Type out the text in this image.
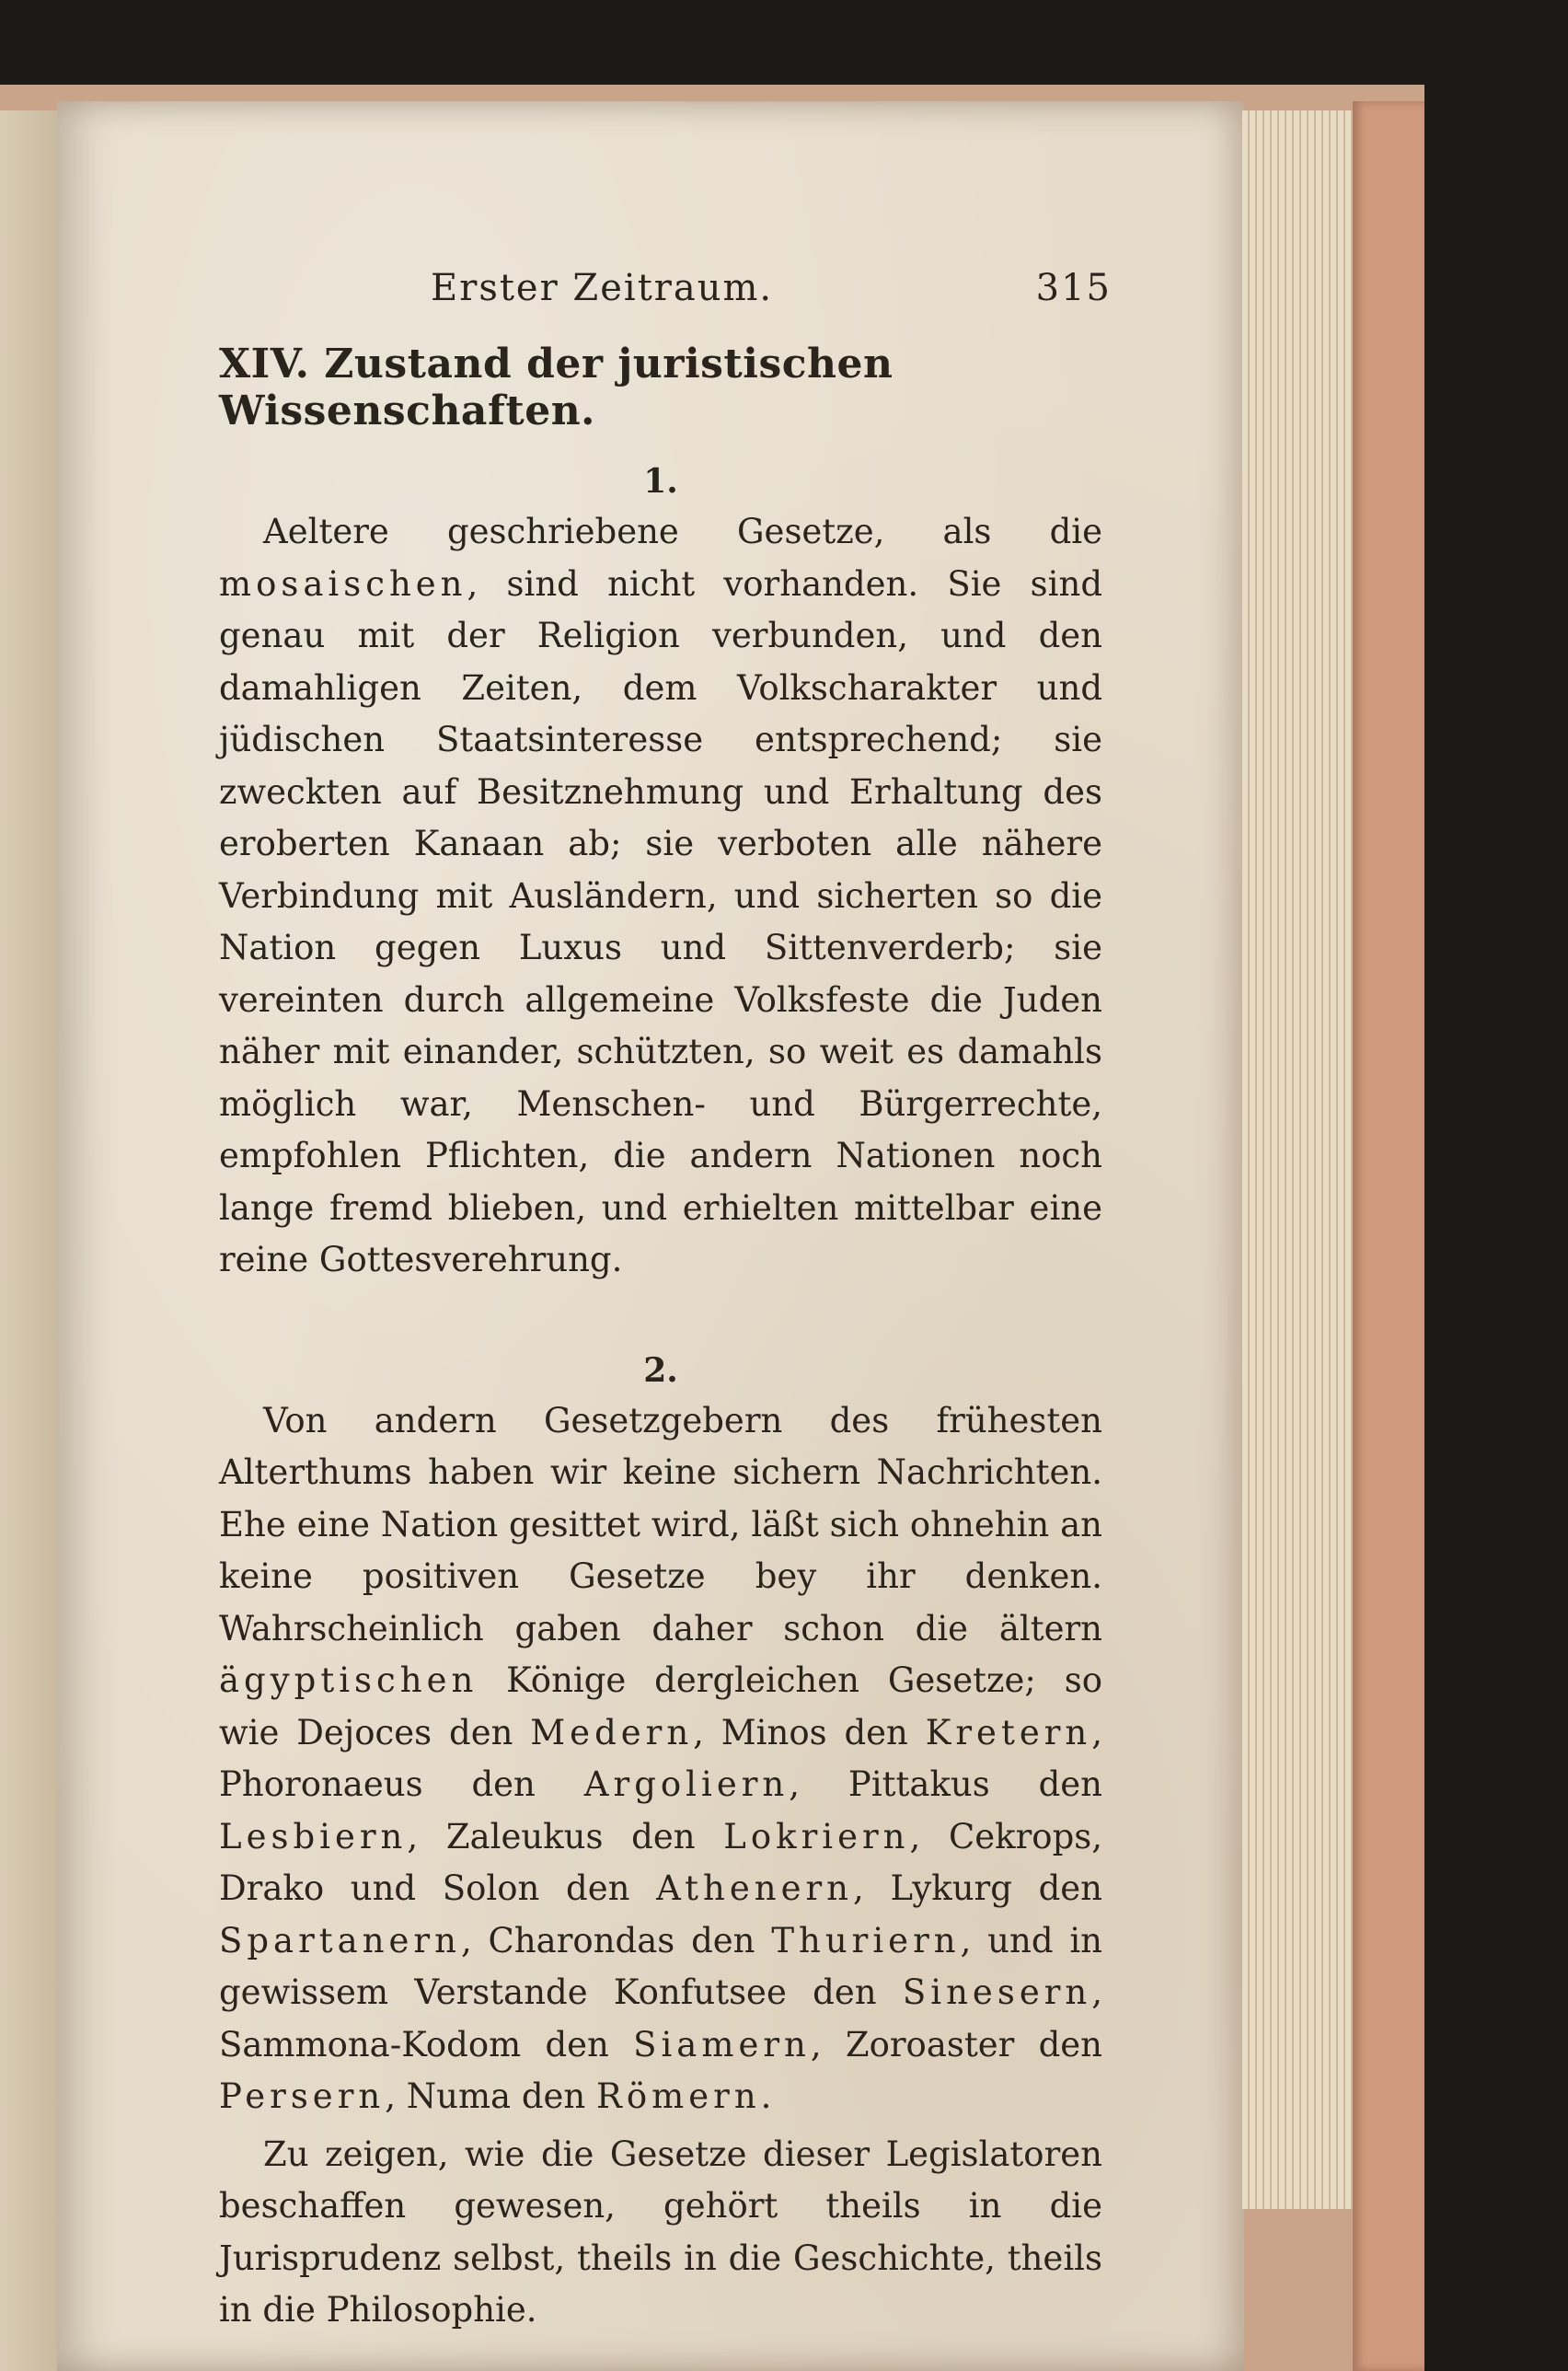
Erster Zeitraum.	315
XIV. Zustand der juristischen Wissenschaften.
1.

Aeltere geschriebene Gesetze, als die mosaischen, sind nicht vorhanden. Sie sind genau mit der Religion verbunden, und den damahligen Zeiten, dem Volkscharakter und jüdischen Staatsinteresse entsprechend; sie zweckten auf Besitznehmung und Erhaltung des eroberten Kanaan ab; sie verboten alle nähere Verbindung mit Ausländern, und sicherten so die Nation gegen Luxus und Sittenverderb; sie vereinten durch allgemeine Volksfeste die Juden näher mit einander, schützten, so weit es damahls möglich war, Menschen- und Bürgerrechte, empfohlen Pflichten, die andern Nationen noch lange fremd blieben, und erhielten mittelbar eine reine Gottesverehrung.

2.

Von andern Gesetzgebern des frühesten Alterthums haben wir keine sichern Nachrichten. Ehe eine Nation gesittet wird, läßt sich ohnehin an keine positiven Gesetze bey ihr denken. Wahrscheinlich gaben daher schon die ältern ägyptischen Könige dergleichen Gesetze; so wie Dejoces den Medern, Minos den Kretern, Phoronaeus den Argoliern, Pittakus den Lesbiern, Zaleukus den Lokriern, Cekrops, Drako und Solon den Athenern, Lykurg den Spartanern, Charondas den Thuriern, und in gewissem Verstande Konfutsee den Sinesern, Sammona-Kodom den Siamern, Zoroaster den Persern, Numa den Römern.

Zu zeigen, wie die Gesetze dieser Legislatoren beschaffen gewesen, gehört theils in die Jurisprudenz selbst, theils in die Geschichte, theils in die Philosophie.
